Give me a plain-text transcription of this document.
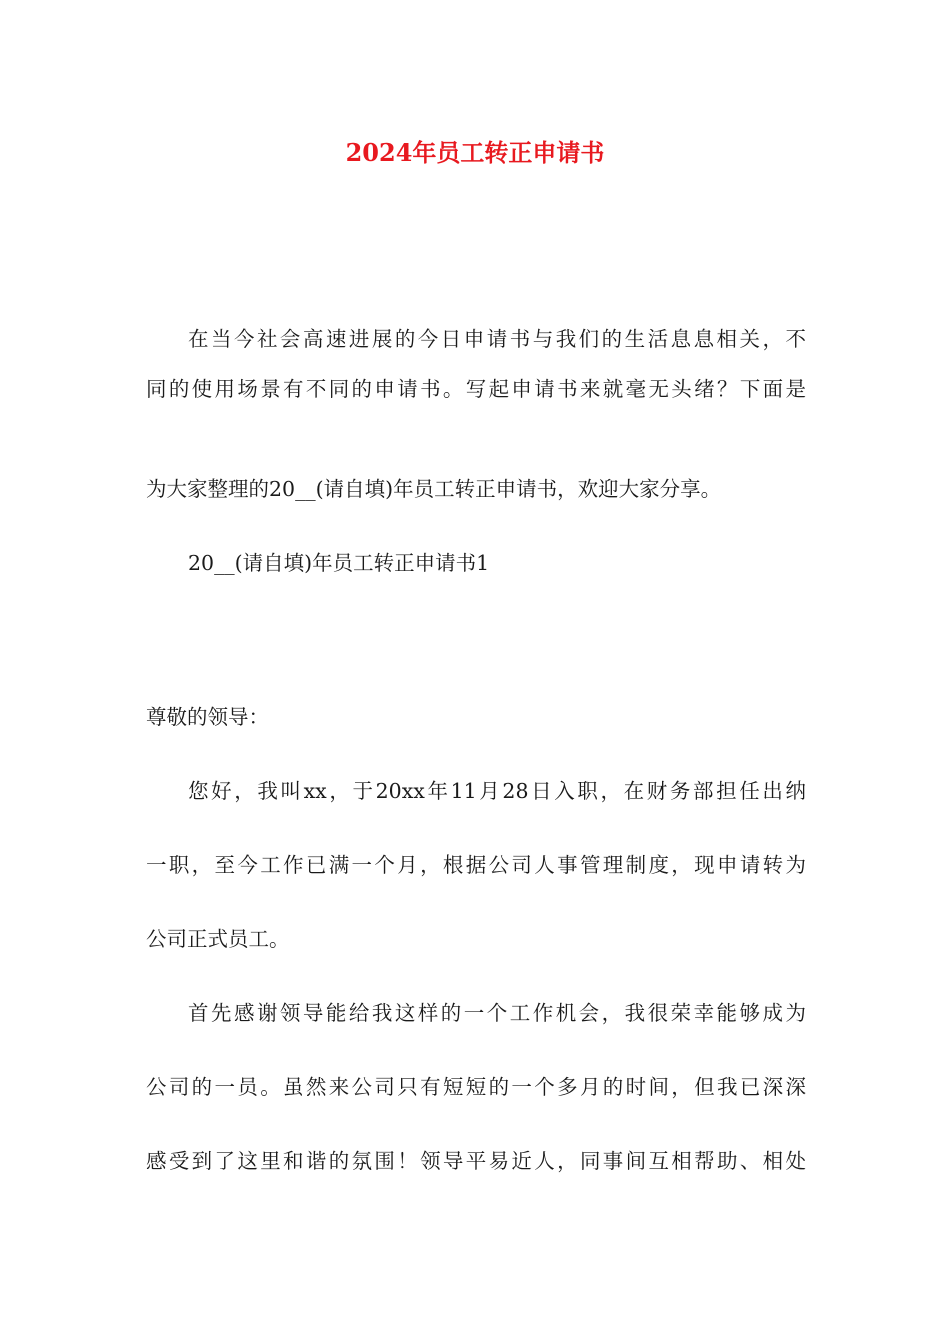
2024年员工转正申请书

在当今社会高速进展的今日申请书与我们的生活息息相关，不

同的使用场景有不同的申请书。写起申请书来就毫无头绪？下面是

为大家整理的20__(请自填)年员工转正申请书，欢迎大家分享。

20__(请自填)年员工转正申请书1

尊敬的领导：

您好，我叫xx，于20xx年11月28日入职，在财务部担任出纳

一职，至今工作已满一个月，根据公司人事管理制度，现申请转为

公司正式员工。

首先感谢领导能给我这样的一个工作机会，我很荣幸能够成为

公司的一员。虽然来公司只有短短的一个多月的时间，但我已深深

感受到了这里和谐的氛围！领导平易近人，同事间互相帮助、相处
